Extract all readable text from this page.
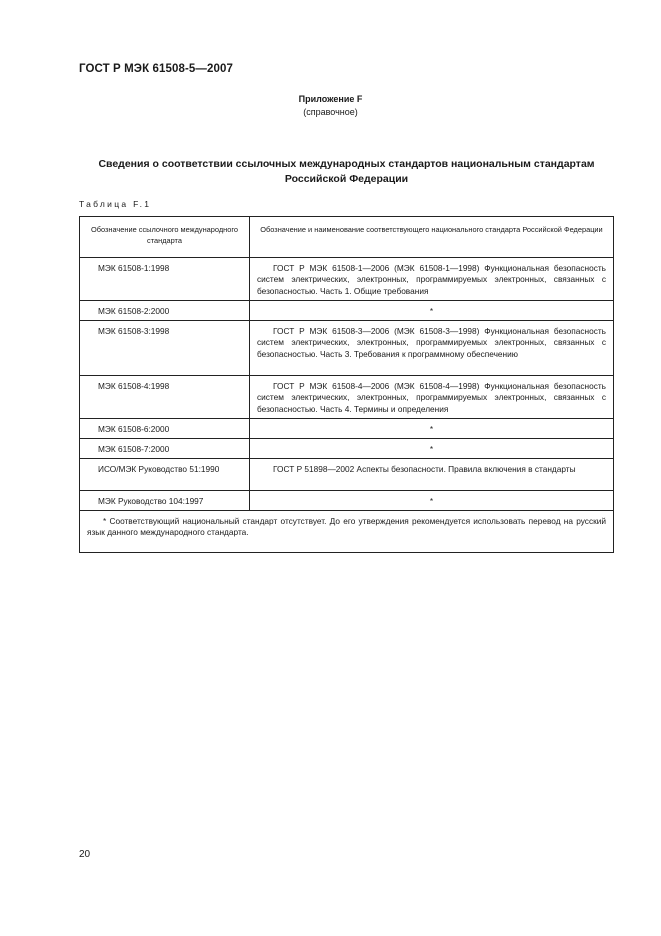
ГОСТ Р МЭК 61508-5—2007
Приложение F
(справочное)
Сведения о соответствии ссылочных международных стандартов национальным стандартам Российской Федерации
Таблица F.1
Обозначение ссылочного международного стандарта	Обозначение и наименование соответствующего национального стандарта Российской Федерации
МЭК 61508-1:1998	ГОСТ Р МЭК 61508-1—2006 (МЭК 61508-1—1998) Функциональная безопасность систем электрических, электронных, программируемых электронных, связанных с безопасностью. Часть 1. Общие требования

МЭК 61508-2:2000	*
МЭК 61508-3:1998	ГОСТ Р МЭК 61508-3—2006 (МЭК 61508-3—1998) Функциональная безопасность систем электрических, электронных, программируемых электронных, связанных с безопасностью. Часть 3. Требования к программному обеспечению

МЭК 61508-4:1998	ГОСТ Р МЭК 61508-4—2006 (МЭК 61508-4—1998) Функциональная безопасность систем электрических, электронных, программируемых электронных, связанных с безопасностью. Часть 4. Термины и определения

МЭК 61508-6:2000	*
МЭК 61508-7:2000	*
ИСО/МЭК Руководство 51:1990	ГОСТ Р 51898—2002 Аспекты безопасности. Правила включения в стандарты

МЭК Руководство 104:1997	*

* Соответствующий национальный стандарт отсутствует. До его утверждения рекомендуется использовать перевод на русский язык данного международного стандарта.	
20
